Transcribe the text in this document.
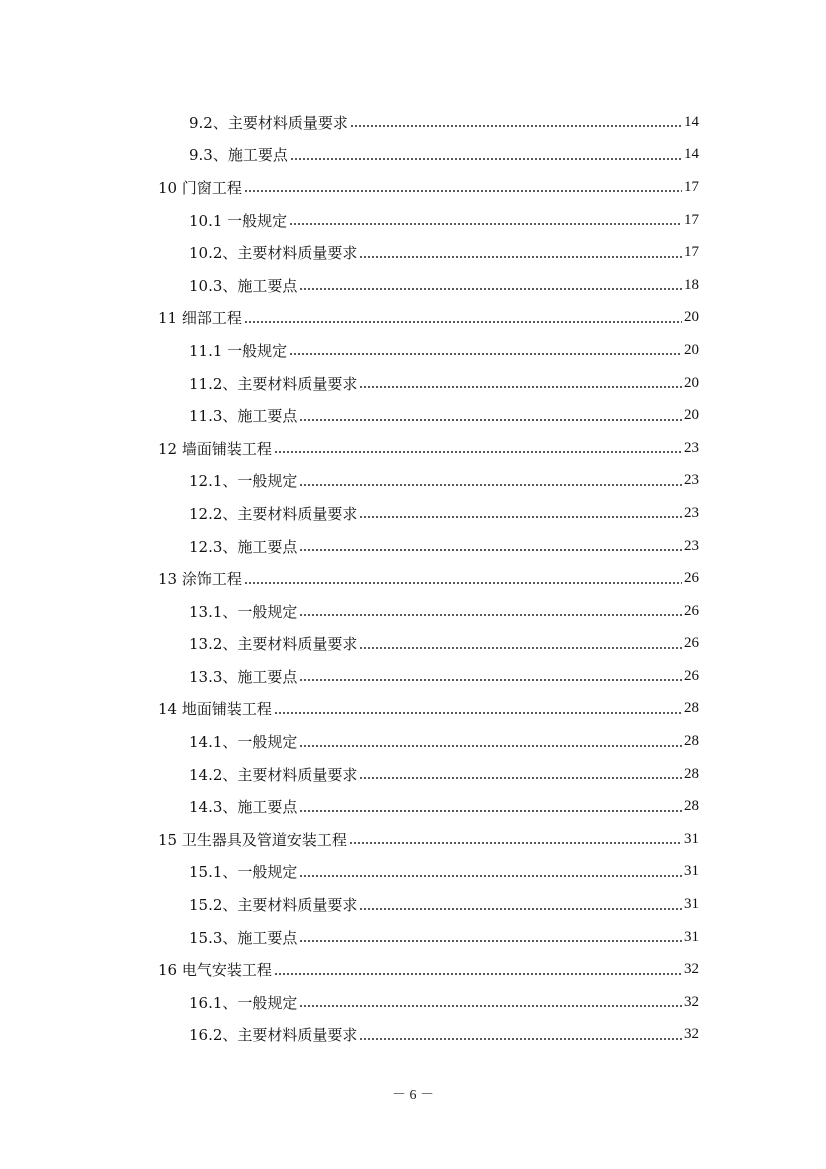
9.2、主要材料质量要求	14
9.3、施工要点	14
10 门窗工程	17
10.1 一般规定	17
10.2、主要材料质量要求	17
10.3、施工要点	18
11 细部工程	20
11.1 一般规定	20
11.2、主要材料质量要求	20
11.3、施工要点	20
12 墙面铺装工程	23
12.1、一般规定	23
12.2、主要材料质量要求	23
12.3、施工要点	23
13 涂饰工程	26
13.1、一般规定	26
13.2、主要材料质量要求	26
13.3、施工要点	26
14 地面铺装工程	28
14.1、一般规定	28
14.2、主要材料质量要求	28
14.3、施工要点	28
15 卫生器具及管道安装工程	31
15.1、一般规定	31
15.2、主要材料质量要求	31
15.3、施工要点	31
16 电气安装工程	32
16.1、一般规定	32
16.2、主要材料质量要求	32
－ 6 －
